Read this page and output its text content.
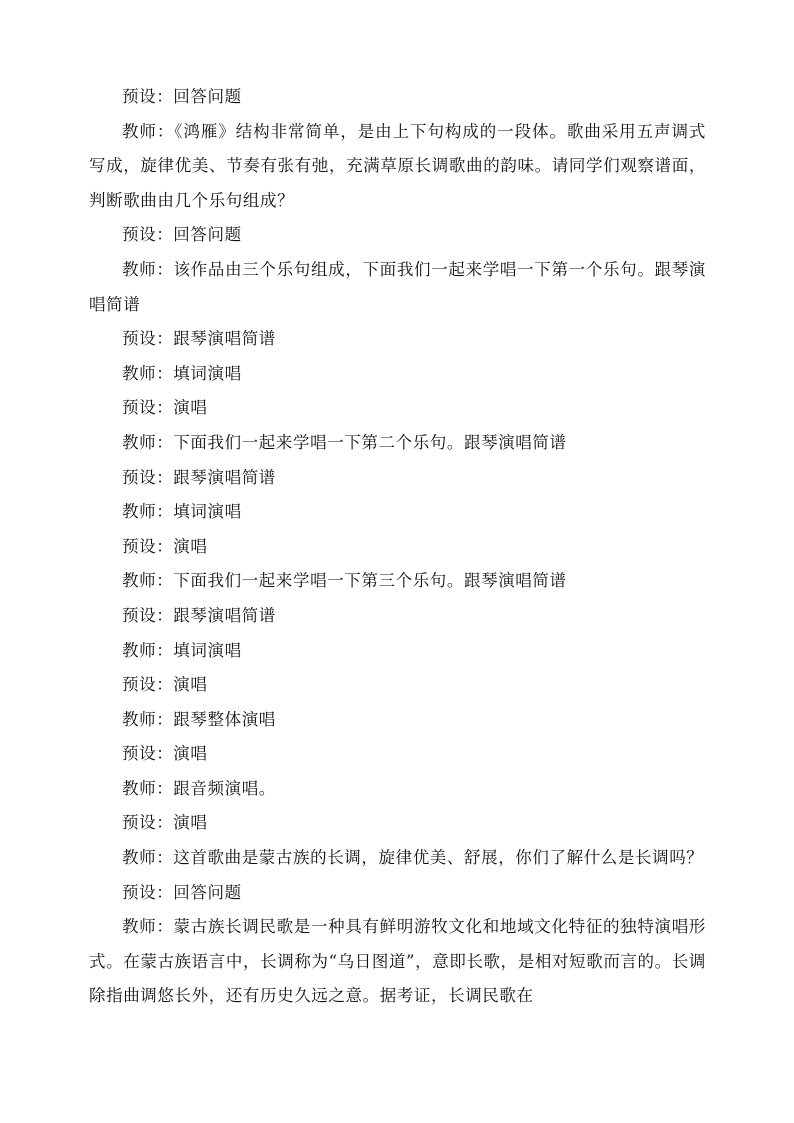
预设：回答问题

教师：《鸿雁》结构非常简单，是由上下句构成的一段体。歌曲采用五声调式写成，旋律优美、节奏有张有弛，充满草原长调歌曲的韵味。请同学们观察谱面，判断歌曲由几个乐句组成？

预设：回答问题

教师：该作品由三个乐句组成，下面我们一起来学唱一下第一个乐句。跟琴演唱简谱

预设：跟琴演唱简谱

教师：填词演唱

预设：演唱

教师：下面我们一起来学唱一下第二个乐句。跟琴演唱简谱

预设：跟琴演唱简谱

教师：填词演唱

预设：演唱

教师：下面我们一起来学唱一下第三个乐句。跟琴演唱简谱

预设：跟琴演唱简谱

教师：填词演唱

预设：演唱

教师：跟琴整体演唱

预设：演唱

教师：跟音频演唱。

预设：演唱

教师：这首歌曲是蒙古族的长调，旋律优美、舒展，你们了解什么是长调吗？

预设：回答问题

教师：蒙古族长调民歌是一种具有鲜明游牧文化和地域文化特征的独特演唱形式。在蒙古族语言中，长调称为“乌日图道”，意即长歌，是相对短歌而言的。长调除指曲调悠长外，还有历史久远之意。据考证，长调民歌在
